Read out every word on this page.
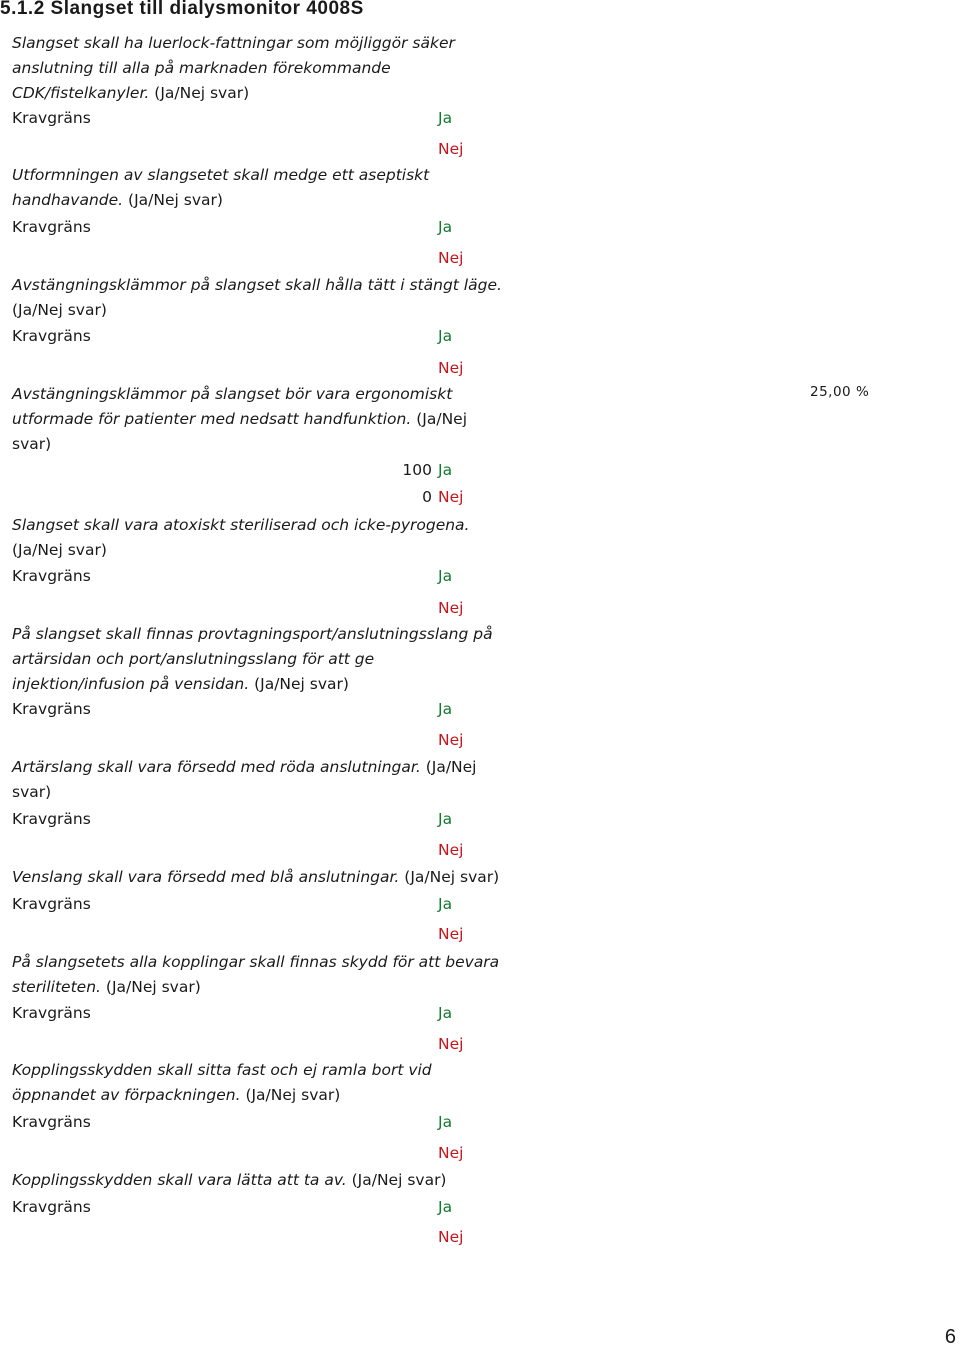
5.1.2 Slangset till dialysmonitor 4008S
Slangset skall ha luerlock-fattningar som möjliggör säker
anslutning till alla på marknaden förekommande
CDK/fistelkanyler. (Ja/Nej svar)
Kravgräns	Ja
Nej
Utformningen av slangsetet skall medge ett aseptiskt
handhavande. (Ja/Nej svar)
Kravgräns	Ja
Nej
Avstängningsklämmor på slangset skall hålla tätt i stängt läge.
(Ja/Nej svar)
Kravgräns	Ja
Nej
Avstängningsklämmor på slangset bör vara ergonomiskt
utformade för patienter med nedsatt handfunktion. (Ja/Nej
svar)
100 Ja
0 Nej
25,00 %
Slangset skall vara atoxiskt steriliserad och icke-pyrogena.
(Ja/Nej svar)
Kravgräns	Ja
Nej
På slangset skall finnas provtagningsport/anslutningsslang på
artärsidan och port/anslutningsslang för att ge
injektion/infusion på vensidan. (Ja/Nej svar)
Kravgräns	Ja
Nej
Artärslang skall vara försedd med röda anslutningar. (Ja/Nej
svar)
Kravgräns	Ja
Nej
Venslang skall vara försedd med blå anslutningar. (Ja/Nej svar)
Kravgräns	Ja
Nej
På slangsetets alla kopplingar skall finnas skydd för att bevara
steriliteten. (Ja/Nej svar)
Kravgräns	Ja
Nej
Kopplingsskydden skall sitta fast och ej ramla bort vid
öppnandet av förpackningen. (Ja/Nej svar)
Kravgräns	Ja
Nej
Kopplingsskydden skall vara lätta att ta av. (Ja/Nej svar)
Kravgräns	Ja
Nej
6
